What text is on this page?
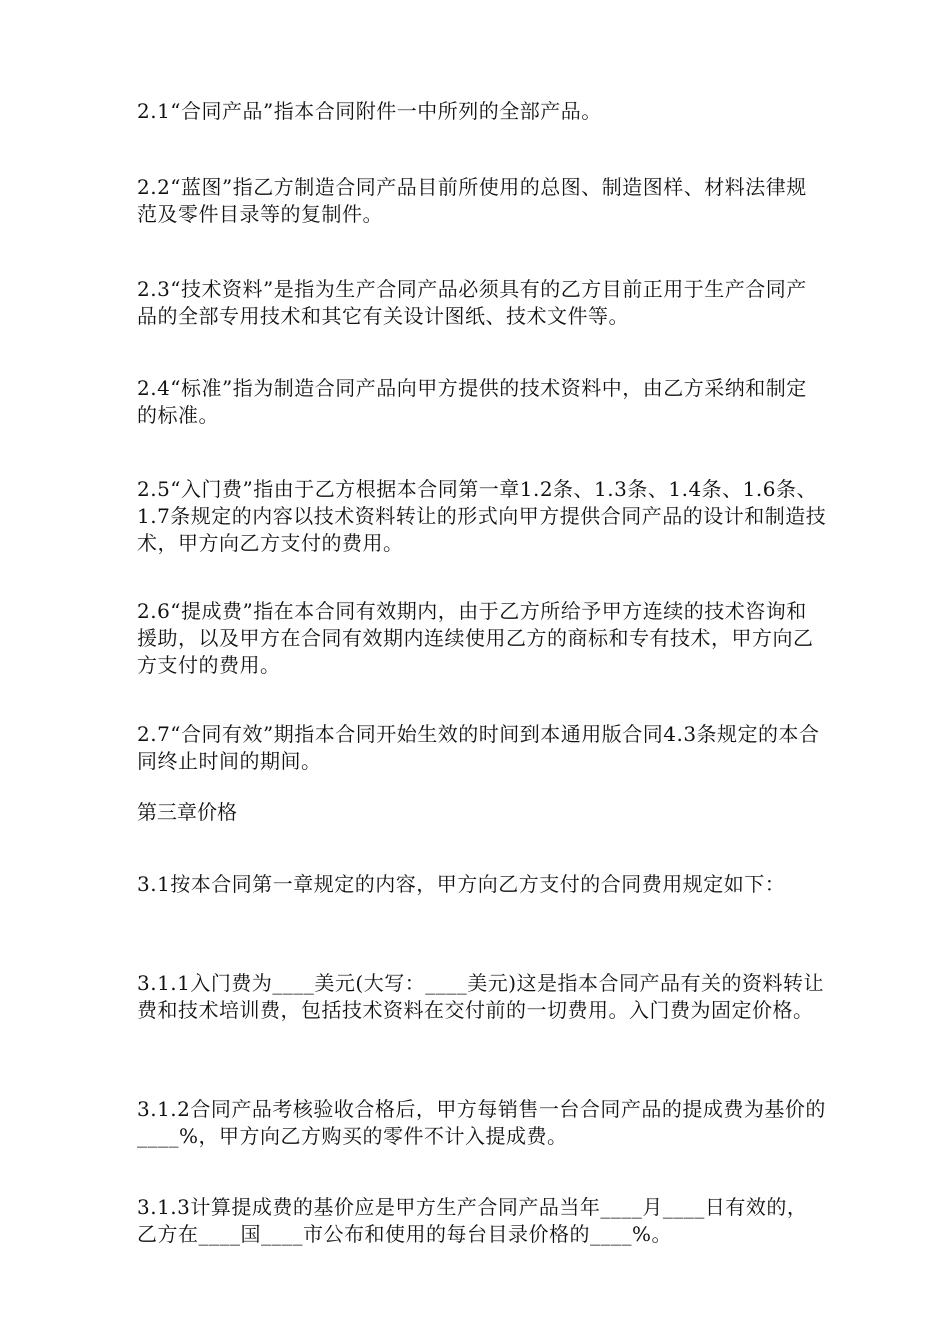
2.1“合同产品”指本合同附件一中所列的全部产品。

2.2“蓝图”指乙方制造合同产品目前所使用的总图、制造图样、材料法律规范及零件目录等的复制件。

2.3“技术资料”是指为生产合同产品必须具有的乙方目前正用于生产合同产品的全部专用技术和其它有关设计图纸、技术文件等。

2.4“标准”指为制造合同产品向甲方提供的技术资料中，由乙方采纳和制定的标准。

2.5“入门费”指由于乙方根据本合同第一章1.2条、1.3条、1.4条、1.6条、1.7条规定的内容以技术资料转让的形式向甲方提供合同产品的设计和制造技术，甲方向乙方支付的费用。

2.6“提成费”指在本合同有效期内，由于乙方所给予甲方连续的技术咨询和援助，以及甲方在合同有效期内连续使用乙方的商标和专有技术，甲方向乙方支付的费用。

2.7“合同有效”期指本合同开始生效的时间到本通用版合同4.3条规定的本合同终止时间的期间。

第三章价格

3.1按本合同第一章规定的内容，甲方向乙方支付的合同费用规定如下：

3.1.1入门费为____美元(大写：____美元)这是指本合同产品有关的资料转让费和技术培训费，包括技术资料在交付前的一切费用。入门费为固定价格。

3.1.2合同产品考核验收合格后，甲方每销售一台合同产品的提成费为基价的____%，甲方向乙方购买的零件不计入提成费。

3.1.3计算提成费的基价应是甲方生产合同产品当年____月____日有效的，乙方在____国____市公布和使用的每台目录价格的____%。
